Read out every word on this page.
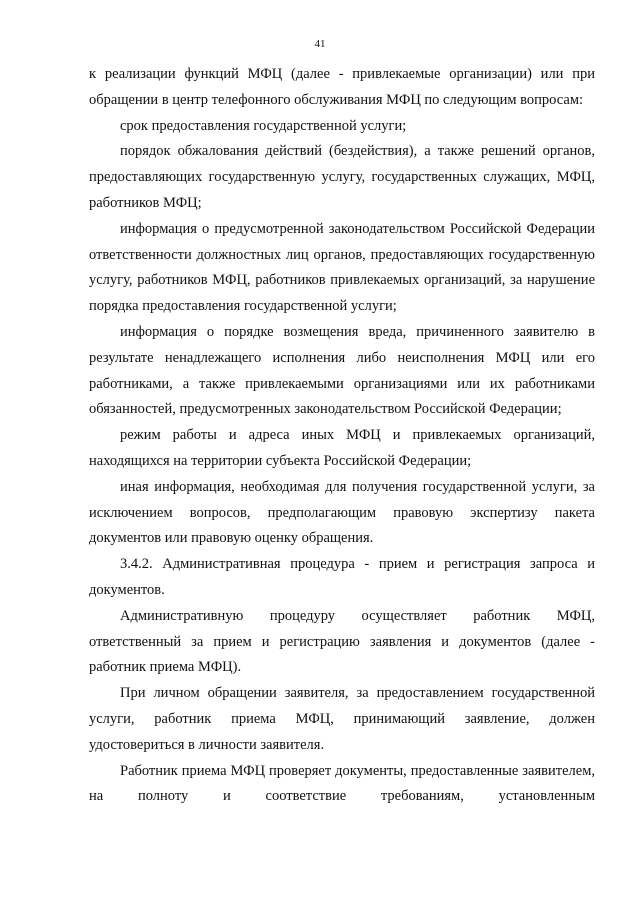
41

к реализации функций МФЦ (далее - привлекаемые организации) или при обращении в центр телефонного обслуживания МФЦ по следующим вопросам:

срок предоставления государственной услуги;

порядок обжалования действий (бездействия), а также решений органов, предоставляющих государственную услугу, государственных служащих, МФЦ, работников МФЦ;

информация о предусмотренной законодательством Российской Федерации ответственности должностных лиц органов, предоставляющих государственную услугу, работников МФЦ, работников привлекаемых организаций, за нарушение порядка предоставления государственной услуги;

информация о порядке возмещения вреда, причиненного заявителю в результате ненадлежащего исполнения либо неисполнения МФЦ или его работниками, а также привлекаемыми организациями или их работниками обязанностей, предусмотренных законодательством Российской Федерации;

режим работы и адреса иных МФЦ и привлекаемых организаций, находящихся на территории субъекта Российской Федерации;

иная информация, необходимая для получения государственной услуги, за исключением вопросов, предполагающим правовую экспертизу пакета документов или правовую оценку обращения.

3.4.2. Административная процедура - прием и регистрация запроса и документов.

Административную процедуру осуществляет работник МФЦ, ответственный за прием и регистрацию заявления и документов (далее - работник приема МФЦ).

При личном обращении заявителя, за предоставлением государственной услуги, работник приема МФЦ, принимающий заявление, должен удостовериться в личности заявителя.

Работник приема МФЦ проверяет документы, предоставленные заявителем, на полноту и соответствие требованиям, установленным
